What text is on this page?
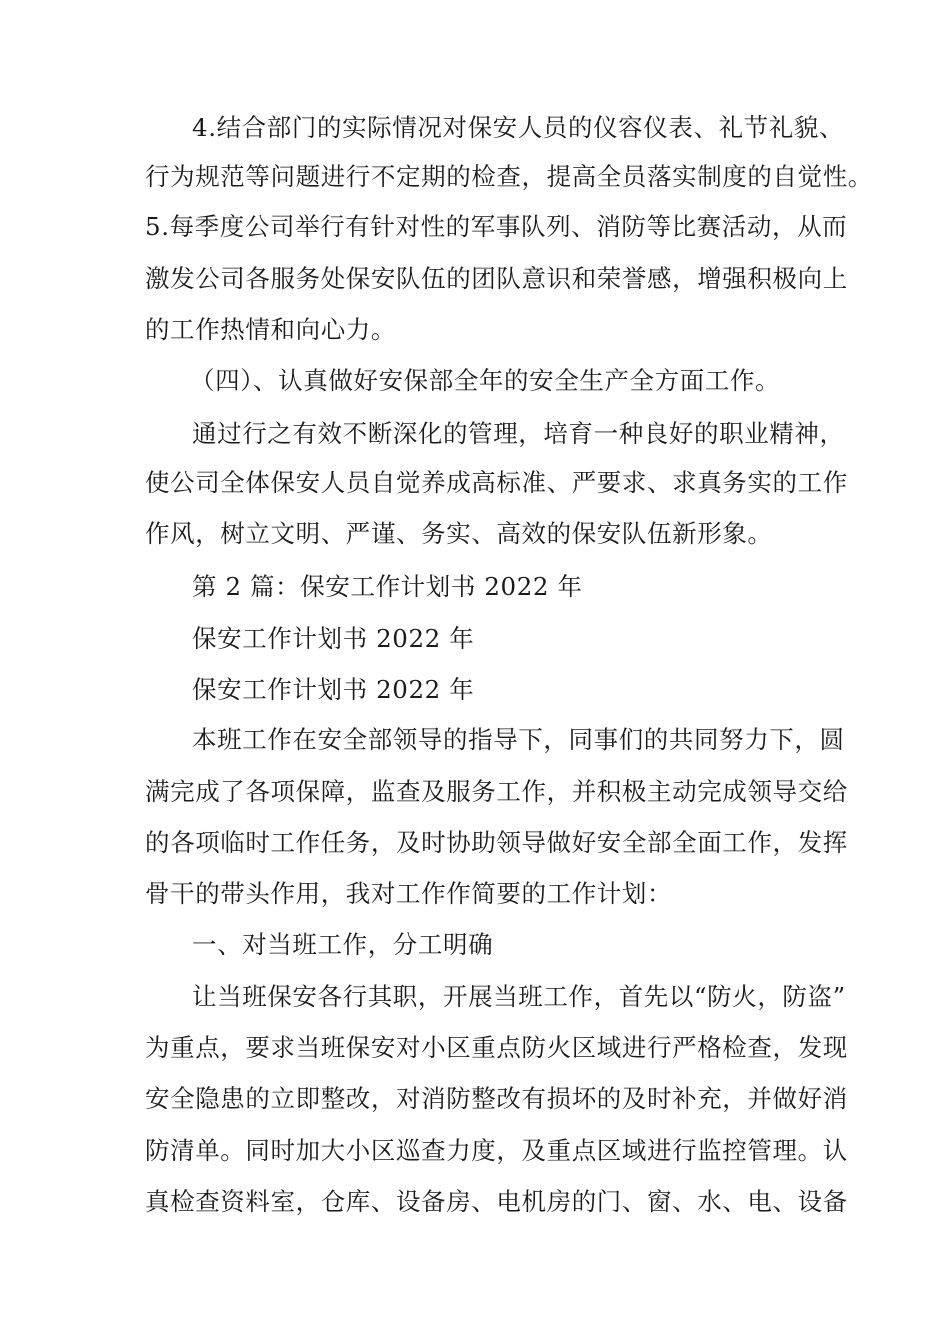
4.结合部门的实际情况对保安人员的仪容仪表、礼节礼貌、
行为规范等问题进行不定期的检查，提高全员落实制度的自觉性。
5.每季度公司举行有针对性的军事队列、消防等比赛活动，从而
激发公司各服务处保安队伍的团队意识和荣誉感，增强积极向上
的工作热情和向心力。
（四）、认真做好安保部全年的安全生产全方面工作。
通过行之有效不断深化的管理，培育一种良好的职业精神，
使公司全体保安人员自觉养成高标准、严要求、求真务实的工作
作风，树立文明、严谨、务实、高效的保安队伍新形象。
第 2 篇：保安工作计划书 2022 年
保安工作计划书 2022 年
保安工作计划书 2022 年
本班工作在安全部领导的指导下，同事们的共同努力下，圆
满完成了各项保障，监查及服务工作，并积极主动完成领导交给
的各项临时工作任务，及时协助领导做好安全部全面工作，发挥
骨干的带头作用，我对工作作简要的工作计划：
一、对当班工作，分工明确
让当班保安各行其职，开展当班工作，首先以“防火，防盗”
为重点，要求当班保安对小区重点防火区域进行严格检查，发现
安全隐患的立即整改，对消防整改有损坏的及时补充，并做好消
防清单。同时加大小区巡查力度，及重点区域进行监控管理。认
真检查资料室，仓库、设备房、电机房的门、窗、水、电、设备
